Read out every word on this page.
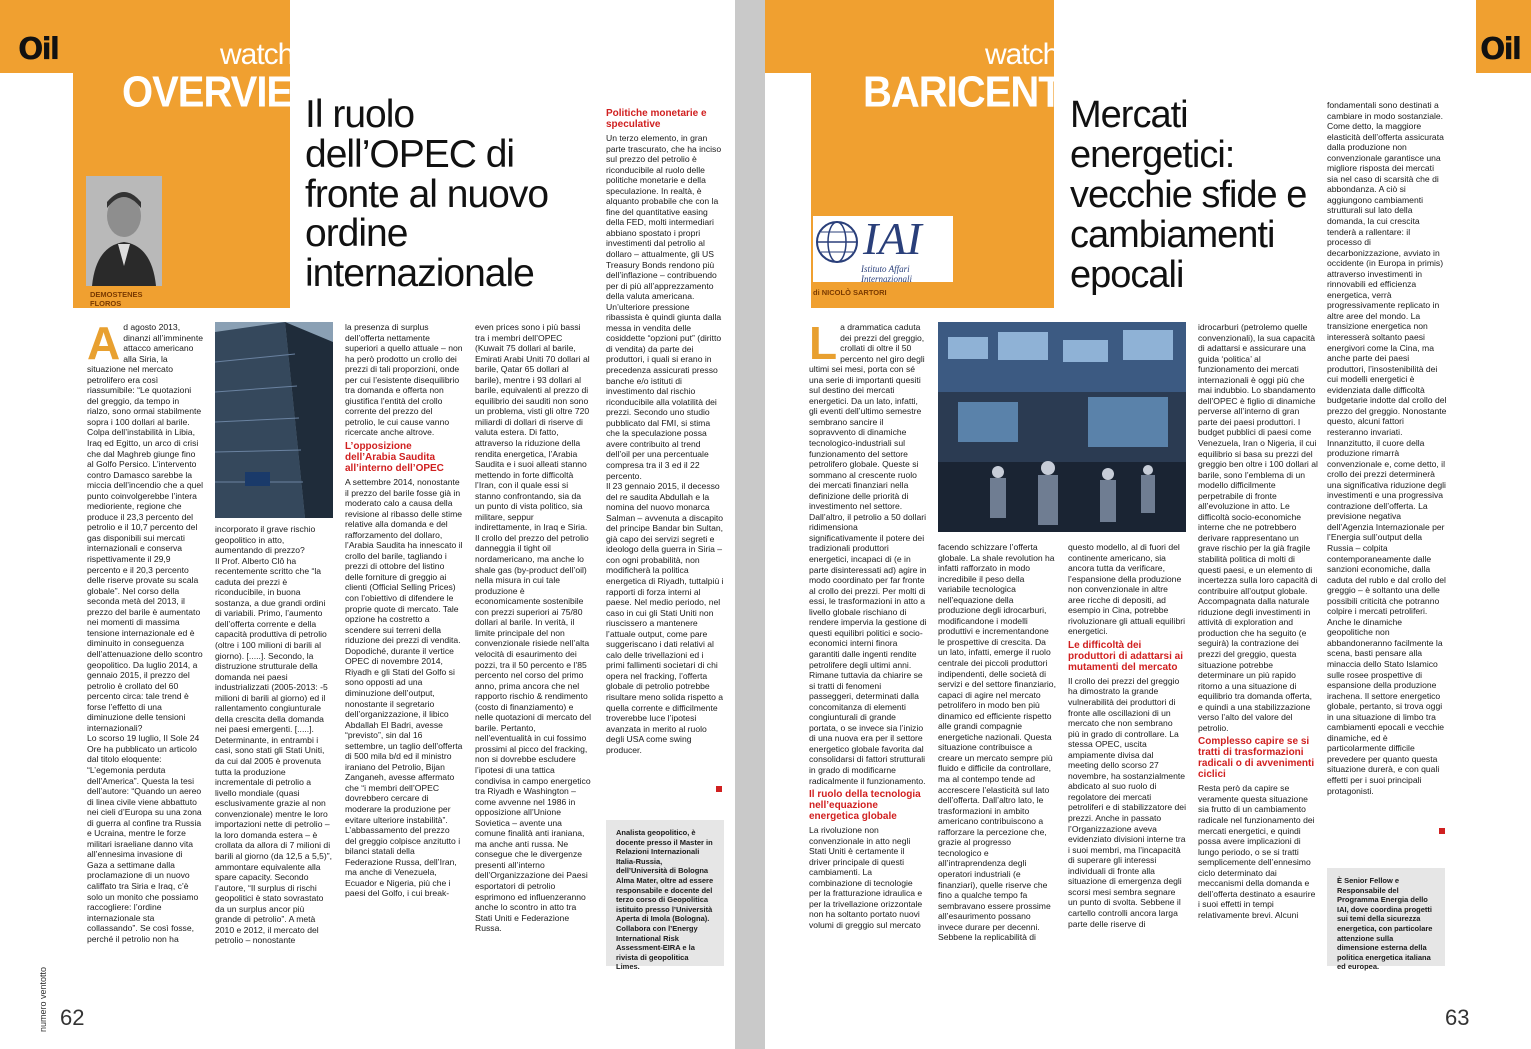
Oil	watch
OVERVIEW
DEMOSTENES FLOROS
Il ruolo dell’OPEC di fronte al nuovo ordine internazionale
A d agosto 2013, dinanzi all’imminente attacco americano alla Siria, la situazione nel mercato petrolifero era così riassumibile: “Le quotazioni del greggio, da tempo in rialzo, sono ormai stabilmente sopra i 100 dollari al barile. Colpa dell’instabilità in Libia, Iraq ed Egitto, un arco di crisi che dal Maghreb giunge fino al Golfo Persico. L’intervento contro Damasco sarebbe la miccia dell’incendio che a quel punto coinvolgerebbe l’intera medioriente, regione che produce il 23,3 percento del petrolio e il 10,7 percento del gas disponibili sui mercati internazionali e conserva rispettivamente il 29,9 percento e il 20,3 percento delle riserve provate su scala globale”. Nel corso della seconda metà del 2013, il prezzo del barile è aumentato nei momenti di massima tensione internazionale ed è diminuito in conseguenza dell’attenuazione dello scontro geopolitico. Da luglio 2014, a gennaio 2015, il prezzo del petrolio è crollato del 60 percento circa: tale trend è forse l’effetto di una diminuzione delle tensioni internazionali?

Lo scorso 19 luglio, Il Sole 24 Ore ha pubblicato un articolo dal titolo eloquente: “L’egemonia perduta dell’America”. Questa la tesi dell’autore: “Quando un aereo di linea civile viene abbattuto nei cieli d’Europa su una zona di guerra al confine tra Russia e Ucraina, mentre le forze militari israeliane danno vita all’ennesima invasione di Gaza a settimane dalla proclamazione di un nuovo califfato tra Siria e Iraq, c’è solo un monito che possiamo raccogliere: l’ordine internazionale sta collassando”. Se così fosse, perché il petrolio non ha

incorporato il grave rischio geopolitico in atto, aumentando di prezzo?

Il Prof. Alberto Clô ha recentemente scritto che “la caduta dei prezzi è riconducibile, in buona sostanza, a due grandi ordini di variabili. Primo, l’aumento dell’offerta corrente e della capacità produttiva di petrolio (oltre i 100 milioni di barili al giorno). [.....]. Secondo, la distruzione strutturale della domanda nei paesi industrializzati (2005-2013: -5 milioni di barili al giorno) ed il rallentamento congiunturale della crescita della domanda nei paesi emergenti. [.....]. Determinante, in entrambi i casi, sono stati gli Stati Uniti, da cui dal 2005 è provenuta tutta la produzione incrementale di petrolio a livello mondiale (quasi esclusivamente grazie al non convenzionale) mentre le loro importazioni nette di petrolio – la loro domanda estera – è crollata da allora di 7 milioni di barili al giorno (da 12,5 a 5,5)”, ammontare equivalente alla spare capacity. Secondo l’autore, “Il surplus di rischi geopolitici è stato sovrastato da un surplus ancor più grande di petrolio”. A metà 2010 e 2012, il mercato del petrolio – nonostante

la presenza di surplus dell’offerta nettamente superiori a quello attuale – non ha però prodotto un crollo dei prezzi di tali proporzioni, onde per cui l’esistente disequilibrio tra domanda e offerta non giustifica l’entità del crollo corrente del prezzo del petrolio, le cui cause vanno ricercate anche altrove.

L’opposizione dell’Arabia Saudita all’interno dell’OPEC

A settembre 2014, nonostante il prezzo del barile fosse già in moderato calo a causa della revisione al ribasso delle stime relative alla domanda e del rafforzamento del dollaro, l’Arabia Saudita ha innescato il crollo del barile, tagliando i prezzi di ottobre del listino delle forniture di greggio ai clienti (Official Selling Prices) con l’obiettivo di difendere le proprie quote di mercato. Tale opzione ha costretto a scendere sui terreni della riduzione dei prezzi di vendita. Dopodiché, durante il vertice OPEC di novembre 2014, Riyadh e gli Stati del Golfo si sono opposti ad una diminuzione dell’output, nonostante il segretario dell’organizzazione, il libico Abdallah El Badri, avesse “previsto”, sin dal 16 settembre, un taglio dell’offerta di 500 mila b/d ed il ministro iraniano del Petrolio, Bijan Zanganeh, avesse affermato che “i membri dell’OPEC dovrebbero cercare di moderare la produzione per evitare ulteriore instabilità”. L’abbassamento del prezzo del greggio colpisce anzitutto i bilanci statali della Federazione Russa, dell’Iran, ma anche di Venezuela, Ecuador e Nigeria, più che i paesi del Golfo, i cui break-

even prices sono i più bassi tra i membri dell’OPEC (Kuwait 75 dollari al barile, Emirati Arabi Uniti 70 dollari al barile, Qatar 65 dollari al barile), mentre i 93 dollari al barile, equivalenti al prezzo di equilibrio dei sauditi non sono un problema, visti gli oltre 720 miliardi di dollari di riserve di valuta estera. Di fatto, attraverso la riduzione della rendita energetica, l’Arabia Saudita e i suoi alleati stanno mettendo in forte difficoltà l’Iran, con il quale essi si stanno confrontando, sia da un punto di vista politico, sia militare, seppur indirettamente, in Iraq e Siria. Il crollo del prezzo del petrolio danneggia il tight oil nordamericano, ma anche lo shale gas (by-product dell’oil) nella misura in cui tale produzione è economicamente sostenibile con prezzi superiori ai 75/80 dollari al barile. In verità, il limite principale del non convenzionale risiede nell’alta velocità di esaurimento dei pozzi, tra il 50 percento e l’85 percento nel corso del primo anno, prima ancora che nel rapporto rischio & rendimento (costo di finanziamento) e nelle quotazioni di mercato del barile. Pertanto, nell’eventualità in cui fossimo prossimi al picco del fracking, non si dovrebbe escludere l’ipotesi di una tattica condivisa in campo energetico tra Riyadh e Washington – come avvenne nel 1986 in opposizione all’Unione Sovietica – avente una comune finalità anti iraniana, ma anche anti russa. Ne consegue che le divergenze presenti all’interno dell’Organizzazione dei Paesi esportatori di petrolio esprimono ed influenzeranno anche lo scontro in atto tra Stati Uniti e Federazione Russa.

Politiche monetarie e speculative

Un terzo elemento, in gran parte trascurato, che ha inciso sul prezzo del petrolio è riconducibile al ruolo delle politiche monetarie e della speculazione. In realtà, è alquanto probabile che con la fine del quantitative easing della FED, molti intermediari abbiano spostato i propri investimenti dal petrolio al dollaro – attualmente, gli US Treasury Bonds rendono più dell’inflazione – contribuendo per di più all’apprezzamento della valuta americana. Un’ulteriore pressione ribassista è quindi giunta dalla messa in vendita delle cosiddette “opzioni put” (diritto di vendita) da parte dei produttori, i quali si erano in precedenza assicurati presso banche e/o istituti di investimento dal rischio riconducibile alla volatilità dei prezzi. Secondo uno studio pubblicato dal FMI, si stima che la speculazione possa avere contribuito al trend dell’oil per una percentuale compresa tra il 3 ed il 22 percento.

Il 23 gennaio 2015, il decesso del re saudita Abdullah e la nomina del nuovo monarca Salman – avvenuta a discapito del principe Bandar bin Sultan, già capo dei servizi segreti e ideologo della guerra in Siria – con ogni probabilità, non modificherà la politica energetica di Riyadh, tuttalpiù i rapporti di forza interni al paese. Nel medio periodo, nel caso in cui gli Stati Uniti non riuscissero a mantenere l’attuale output, come pare suggeriscano i dati relativi al calo delle trivellazioni ed i primi fallimenti societari di chi opera nel fracking, l’offerta globale di petrolio potrebbe risultare meno solida rispetto a quella corrente e difficilmente troverebbe luce l’ipotesi avanzata in merito al ruolo degli USA come swing producer.

Analista geopolitico, è docente presso il Master in Relazioni Internazionali Italia-Russia, dell’Università di Bologna Alma Mater, oltre ad essere responsabile e docente del terzo corso di Geopolitica istituito presso l’Università Aperta di Imola (Bologna). Collabora con l’Energy International Risk Assessment-EIRA e la rivista di geopolitica Limes.
numero ventotto 62
Oil
watch
BARICENTRI
IAI
Istituto Affari Internazionali
di NICOLÒ SARTORI
Mercati energetici: vecchie sfide e cambiamenti epocali
L a drammatica caduta dei prezzi del greggio, crollati di oltre il 50 percento nel giro degli ultimi sei mesi, porta con sé una serie di importanti quesiti sul destino dei mercati energetici. Da un lato, infatti, gli eventi dell’ultimo semestre sembrano sancire il sopravvento di dinamiche tecnologico-industriali sul funzionamento del settore petrolifero globale. Queste si sommano al crescente ruolo dei mercati finanziari nella definizione delle priorità di investimento nel settore. Dall’altro, il petrolio a 50 dollari ridimensiona significativamente il potere dei tradizionali produttori energetici, incapaci di (e in parte disinteressati ad) agire in modo coordinato per far fronte al crollo dei prezzi. Per molti di essi, le trasformazioni in atto a livello globale rischiano di rendere impervia la gestione di questi equilibri politici e socio-economici interni finora garantiti dalle ingenti rendite petrolifere degli ultimi anni. Rimane tuttavia da chiarire se si tratti di fenomeni passeggeri, determinati dalla concomitanza di elementi congiunturali di grande portata, o se invece sia l’inizio di una nuova era per il settore energetico globale favorita dal consolidarsi di fattori strutturali in grado di modificarne radicalmente il funzionamento.

Il ruolo della tecnologia nell’equazione energetica globale

La rivoluzione non convenzionale in atto negli Stati Uniti è certamente il driver principale di questi cambiamenti. La combinazione di tecnologie per la fratturazione idraulica e per la trivellazione orizzontale non ha soltanto portato nuovi volumi di greggio sul mercato

facendo schizzare l’offerta globale. La shale revolution ha infatti rafforzato in modo incredibile il peso della variabile tecnologica nell’equazione della produzione degli idrocarburi, modificandone i modelli produttivi e incrementandone le prospettive di crescita. Da un lato, infatti, emerge il ruolo centrale dei piccoli produttori indipendenti, delle società di servizi e del settore finanziario, capaci di agire nel mercato petrolifero in modo ben più dinamico ed efficiente rispetto alle grandi compagnie energetiche nazionali. Questa situazione contribuisce a creare un mercato sempre più fluido e difficile da controllare, ma al contempo tende ad accrescere l’elasticità sul lato dell’offerta. Dall’altro lato, le trasformazioni in ambito americano contribuiscono a rafforzare la percezione che, grazie al progresso tecnologico e all’intraprendenza degli operatori industriali (e finanziari), quelle riserve che fino a qualche tempo fa sembravano essere prossime all’esaurimento possano invece durare per decenni. Sebbene la replicabilità di

questo modello, al di fuori del continente americano, sia ancora tutta da verificare, l’espansione della produzione non convenzionale in altre aree ricche di depositi, ad esempio in Cina, potrebbe rivoluzionare gli attuali equilibri energetici.

Le difficoltà dei produttori di adattarsi ai mutamenti del mercato

Il crollo dei prezzi del greggio ha dimostrato la grande vulnerabilità dei produttori di fronte alle oscillazioni di un mercato che non sembrano più in grado di controllare. La stessa OPEC, uscita ampiamente divisa dal meeting dello scorso 27 novembre, ha sostanzialmente abdicato al suo ruolo di regolatore dei mercati petroliferi e di stabilizzatore dei prezzi. Anche in passato l’Organizzazione aveva evidenziato divisioni interne tra i suoi membri, ma l’incapacità di superare gli interessi individuali di fronte alla situazione di emergenza degli scorsi mesi sembra segnare un punto di svolta. Sebbene il cartello controlli ancora larga parte delle riserve di

idrocarburi (petrolemo quelle convenzionali), la sua capacità di adattarsi e assicurare una guida ‘politica’ al funzionamento dei mercati internazionali è oggi più che mai indubbio. Lo sbandamento dell’OPEC è figlio di dinamiche perverse all’interno di gran parte dei paesi produttori. I budget pubblici di paesi come Venezuela, Iran o Nigeria, il cui equilibrio si basa su prezzi del greggio ben oltre i 100 dollari al barile, sono l’emblema di un modello difficilmente perpetrabile di fronte all’evoluzione in atto. Le difficoltà socio-economiche interne che ne potrebbero derivare rappresentano un grave rischio per la già fragile stabilità politica di molti di questi paesi, e un elemento di incertezza sulla loro capacità di contribuire all’output globale. Accompagnata dalla naturale riduzione degli investimenti in attività di exploration and production che ha seguito (e seguirà) la contrazione dei prezzi del greggio, questa situazione potrebbe determinare un più rapido ritorno a una situazione di equilibrio tra domanda offerta, e quindi a una stabilizzazione verso l’alto del valore del petrolio.

Complesso capire se si tratti di trasformazioni radicali o di avvenimenti ciclici

Resta però da capire se veramente questa situazione sia frutto di un cambiamento radicale nel funzionamento dei mercati energetici, e quindi possa avere implicazioni di lungo periodo, o se si tratti semplicemente dell’ennesimo ciclo determinato dai meccanismi della domanda e dell’offerta destinato a esaurire i suoi effetti in tempi relativamente brevi. Alcuni

fondamentali sono destinati a cambiare in modo sostanziale. Come detto, la maggiore elasticità dell’offerta assicurata dalla produzione non convenzionale garantisce una migliore risposta dei mercati sia nel caso di scarsità che di abbondanza. A ciò si aggiungono cambiamenti strutturali sul lato della domanda, la cui crescita tenderà a rallentare: il processo di decarbonizzazione, avviato in occidente (in Europa in primis) attraverso investimenti in rinnovabili ed efficienza energetica, verrà progressivamente replicato in altre aree del mondo. La transizione energetica non interesserà soltanto paesi energivori come la Cina, ma anche parte dei paesi produttori, l’insostenibilità dei cui modelli energetici è evidenziata dalle difficoltà budgetarie indotte dal crollo del prezzo del greggio. Nonostante questo, alcuni fattori resteranno invariati. Innanzitutto, il cuore della produzione rimarrà convenzionale e, come detto, il crollo dei prezzi determinerà una significativa riduzione degli investimenti e una progressiva contrazione dell’offerta. La previsione negativa dell’Agenzia Internazionale per l’Energia sull’output della Russia – colpita contemporaneamente dalle sanzioni economiche, dalla caduta del rublo e dal crollo del greggio – è soltanto una delle possibili criticità che potranno colpire i mercati petroliferi. Anche le dinamiche geopolitiche non abbandoneranno facilmente la scena, basti pensare alla minaccia dello Stato Islamico sulle rosee prospettive di espansione della produzione irachena. Il settore energetico globale, pertanto, si trova oggi in una situazione di limbo tra cambiamenti epocali e vecchie dinamiche, ed è particolarmente difficile prevedere per quanto questa situazione durerà, e con quali effetti per i suoi principali protagonisti.

È Senior Fellow e Responsabile del Programma Energia dello IAI, dove coordina progetti sui temi della sicurezza energetica, con particolare attenzione sulla dimensione esterna della politica energetica italiana ed europea.
63
